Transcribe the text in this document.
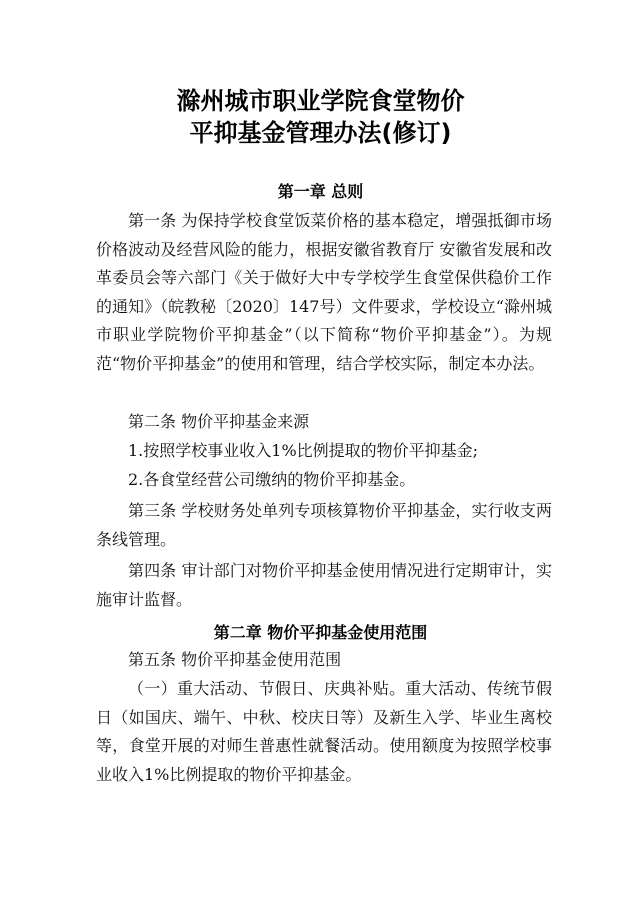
滁州城市职业学院食堂物价
平抑基金管理办法(修订)
第一章 总则

第一条 为保持学校食堂饭菜价格的基本稳定，增强抵御市场价格波动及经营风险的能力，根据安徽省教育厅 安徽省发展和改革委员会等六部门《关于做好大中专学校学生食堂保供稳价工作的通知》（皖教秘〔2020〕147号）文件要求，学校设立“滁州城市职业学院物价平抑基金”（以下简称“物价平抑基金”）。为规范“物价平抑基金”的使用和管理，结合学校实际，制定本办法。

第二条 物价平抑基金来源

1.按照学校事业收入1%比例提取的物价平抑基金;

2.各食堂经营公司缴纳的物价平抑基金。

第三条 学校财务处单列专项核算物价平抑基金，实行收支两条线管理。

第四条 审计部门对物价平抑基金使用情况进行定期审计，实施审计监督。

第二章 物价平抑基金使用范围

第五条 物价平抑基金使用范围

（一）重大活动、节假日、庆典补贴。重大活动、传统节假日（如国庆、端午、中秋、校庆日等）及新生入学、毕业生离校等，食堂开展的对师生普惠性就餐活动。使用额度为按照学校事业收入1%比例提取的物价平抑基金。
